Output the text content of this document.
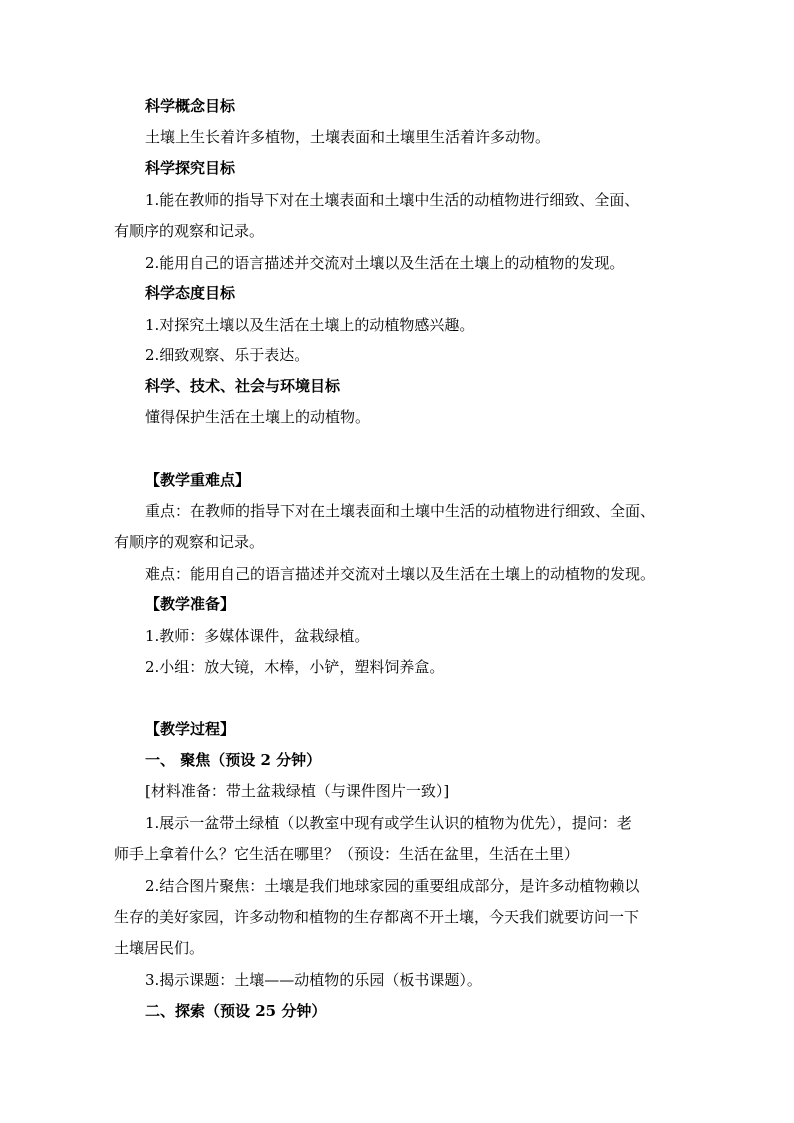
科学概念目标
土壤上生长着许多植物，土壤表面和土壤里生活着许多动物。
科学探究目标
1.能在教师的指导下对在土壤表面和土壤中生活的动植物进行细致、全面、
有顺序的观察和记录。
2.能用自己的语言描述并交流对土壤以及生活在土壤上的动植物的发现。
科学态度目标
1.对探究土壤以及生活在土壤上的动植物感兴趣。
2.细致观察、乐于表达。
科学、技术、社会与环境目标
懂得保护生活在土壤上的动植物。
【教学重难点】
重点：在教师的指导下对在土壤表面和土壤中生活的动植物进行细致、全面、
有顺序的观察和记录。
难点：能用自己的语言描述并交流对土壤以及生活在土壤上的动植物的发现。
【教学准备】
1.教师：多媒体课件，盆栽绿植。
2.小组：放大镜，木棒，小铲，塑料饲养盒。
【教学过程】
一、 聚焦（预设 2 分钟）
[材料准备：带土盆栽绿植（与课件图片一致）]
1.展示一盆带土绿植（以教室中现有或学生认识的植物为优先），提问：老
师手上拿着什么？它生活在哪里？（预设：生活在盆里，生活在土里）
2.结合图片聚焦：土壤是我们地球家园的重要组成部分，是许多动植物赖以
生存的美好家园，许多动物和植物的生存都离不开土壤，今天我们就要访问一下
土壤居民们。
3.揭示课题：土壤——动植物的乐园（板书课题）。
二、探索（预设 25 分钟）
